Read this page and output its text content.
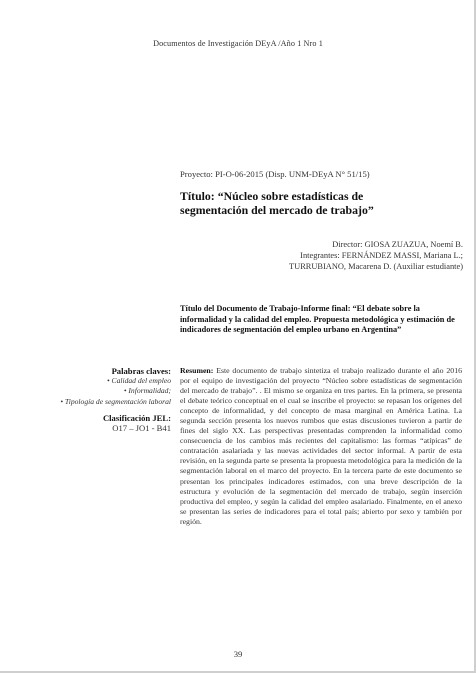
Documentos de Investigación DEyA /Año 1 Nro 1
Proyecto: PI-O-06-2015 (Disp. UNM-DEyA N° 51/15)
Título: “Núcleo sobre estadísticas de
segmentación del mercado de trabajo”
Director: GIOSA ZUAZUA, Noemí B.
Integrantes: FERNÁNDEZ MASSI, Mariana L.;
TURRUBIANO, Macarena D. (Auxiliar estudiante)
Título del Documento de Trabajo-Informe final: “El debate sobre la informalidad y la calidad del empleo. Propuesta metodológica y estimación de indicadores de segmentación del empleo urbano en Argentina”
Palabras claves:
• Calidad del empleo
• Informalidad;
• Tipología de segmentación laboral
Clasificación JEL:
O17 – JO1 - B41
Resumen: Este documento de trabajo sintetiza el trabajo realizado durante el año 2016 por el equipo de investigación del proyecto “Núcleo sobre estadísticas de segmentación del mercado de trabajo”. . El mismo se organiza en tres partes. En la primera, se presenta el debate teórico conceptual en el cual se inscribe el proyecto: se repasan los orígenes del concepto de informalidad, y del concepto de masa marginal en América Latina. La segunda sección presenta los nuevos rumbos que estas discusiones tuvieron a partir de fines del siglo XX. Las perspectivas presentadas comprenden la informalidad como consecuencia de los cambios más recientes del capitalismo: las formas “atípicas” de contratación asalariada y las nuevas actividades del sector informal. A partir de esta revisión, en la segunda parte se presenta la propuesta metodológica para la medición de la segmentación laboral en el marco del proyecto. En la tercera parte de este documento se presentan los principales indicadores estimados, con una breve descripción de la estructura y evolución de la segmentación del mercado de trabajo, según inserción productiva del empleo, y según la calidad del empleo asalariado. Finalmente, en el anexo se presentan las series de indicadores para el total país; abierto por sexo y también por región.
39
